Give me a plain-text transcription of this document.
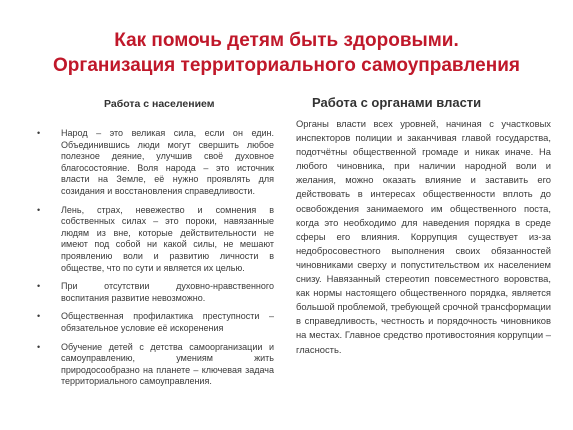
Как помочь детям быть здоровыми.
Организация территориального самоуправления
Работа с населением	Работа с органами власти
• Народ – это великая сила, если он един. Объединившись люди могут свершить любое полезное деяние, улучшив своё духовное благосостояние. Воля народа – это источник власти на Земле, её нужно проявлять для созидания и восстановления справедливости.
• Лень, страх, невежество и сомнения в собственных силах – это пороки, навязанные людям из вне, которые действительности не имеют под собой ни какой силы, не мешают проявлению воли и развитию личности в обществе, что по сути и является их целью.
• При отсутствии духовно-нравственного воспитания развитие невозможно.
• Общественная профилактика преступности – обязательное условие её искоренения
• Обучение детей с детства самоорганизации и самоуправлению, умениям жить природосообразно на планете – ключевая задача территориального самоуправления.

Органы власти всех уровней, начиная с участковых инспекторов полиции и заканчивая главой государства, подотчётны общественной громаде и никак иначе. На любого чиновника, при наличии народной воли и желания, можно оказать влияние и заставить его действовать в интересах общественности вплоть до освобождения занимаемого им общественного поста, когда это необходимо для наведения порядка в среде сферы его влияния. Коррупция существует из-за недобросовестного выполнения своих обязанностей чиновниками сверху и попустительством их населением снизу. Навязанный стереотип повсеместного воровства, как нормы настоящего общественного порядка, является большой проблемой, требующей срочной трансформации в справедливость, честность и порядочность чиновников на местах. Главное средство противостояния коррупции – гласность.
